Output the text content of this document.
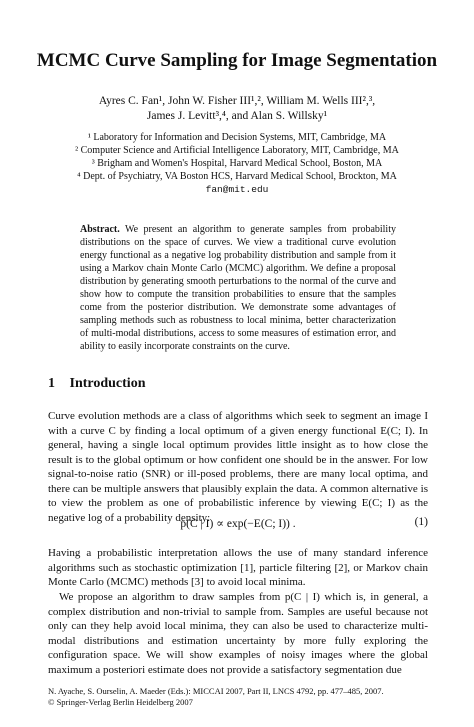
MCMC Curve Sampling for Image Segmentation
Ayres C. Fan¹, John W. Fisher III¹,², William M. Wells III²,³,
James J. Levitt³,⁴, and Alan S. Willsky¹
¹ Laboratory for Information and Decision Systems, MIT, Cambridge, MA
² Computer Science and Artificial Intelligence Laboratory, MIT, Cambridge, MA
³ Brigham and Women's Hospital, Harvard Medical School, Boston, MA
⁴ Dept. of Psychiatry, VA Boston HCS, Harvard Medical School, Brockton, MA
fan@mit.edu
Abstract. We present an algorithm to generate samples from probability distributions on the space of curves. We view a traditional curve evolution energy functional as a negative log probability distribution and sample from it using a Markov chain Monte Carlo (MCMC) algorithm. We define a proposal distribution by generating smooth perturbations to the normal of the curve and show how to compute the transition probabilities to ensure that the samples come from the posterior distribution. We demonstrate some advantages of sampling methods such as robustness to local minima, better characterization of multi-modal distributions, access to some measures of estimation error, and ability to easily incorporate constraints on the curve.
1 Introduction
Curve evolution methods are a class of algorithms which seek to segment an image I with a curve C by finding a local optimum of a given energy functional E(C; I). In general, having a single local optimum provides little insight as to how close the result is to the global optimum or how confident one should be in the answer. For low signal-to-noise ratio (SNR) or ill-posed problems, there are many local optima, and there can be multiple answers that plausibly explain the data. A common alternative is to view the problem as one of probabilistic inference by viewing E(C; I) as the negative log of a probability density:
p(C | I) ∝ exp(−E(C; I)) .	(1)
Having a probabilistic interpretation allows the use of many standard inference algorithms such as stochastic optimization [1], particle filtering [2], or Markov chain Monte Carlo (MCMC) methods [3] to avoid local minima.
We propose an algorithm to draw samples from p(C | I) which is, in general, a complex distribution and non-trivial to sample from. Samples are useful because not only can they help avoid local minima, they can also be used to characterize multi-modal distributions and estimation uncertainty by more fully exploring the configuration space. We will show examples of noisy images where the global maximum a posteriori estimate does not provide a satisfactory segmentation due
N. Ayache, S. Ourselin, A. Maeder (Eds.): MICCAI 2007, Part II, LNCS 4792, pp. 477–485, 2007.
© Springer-Verlag Berlin Heidelberg 2007
